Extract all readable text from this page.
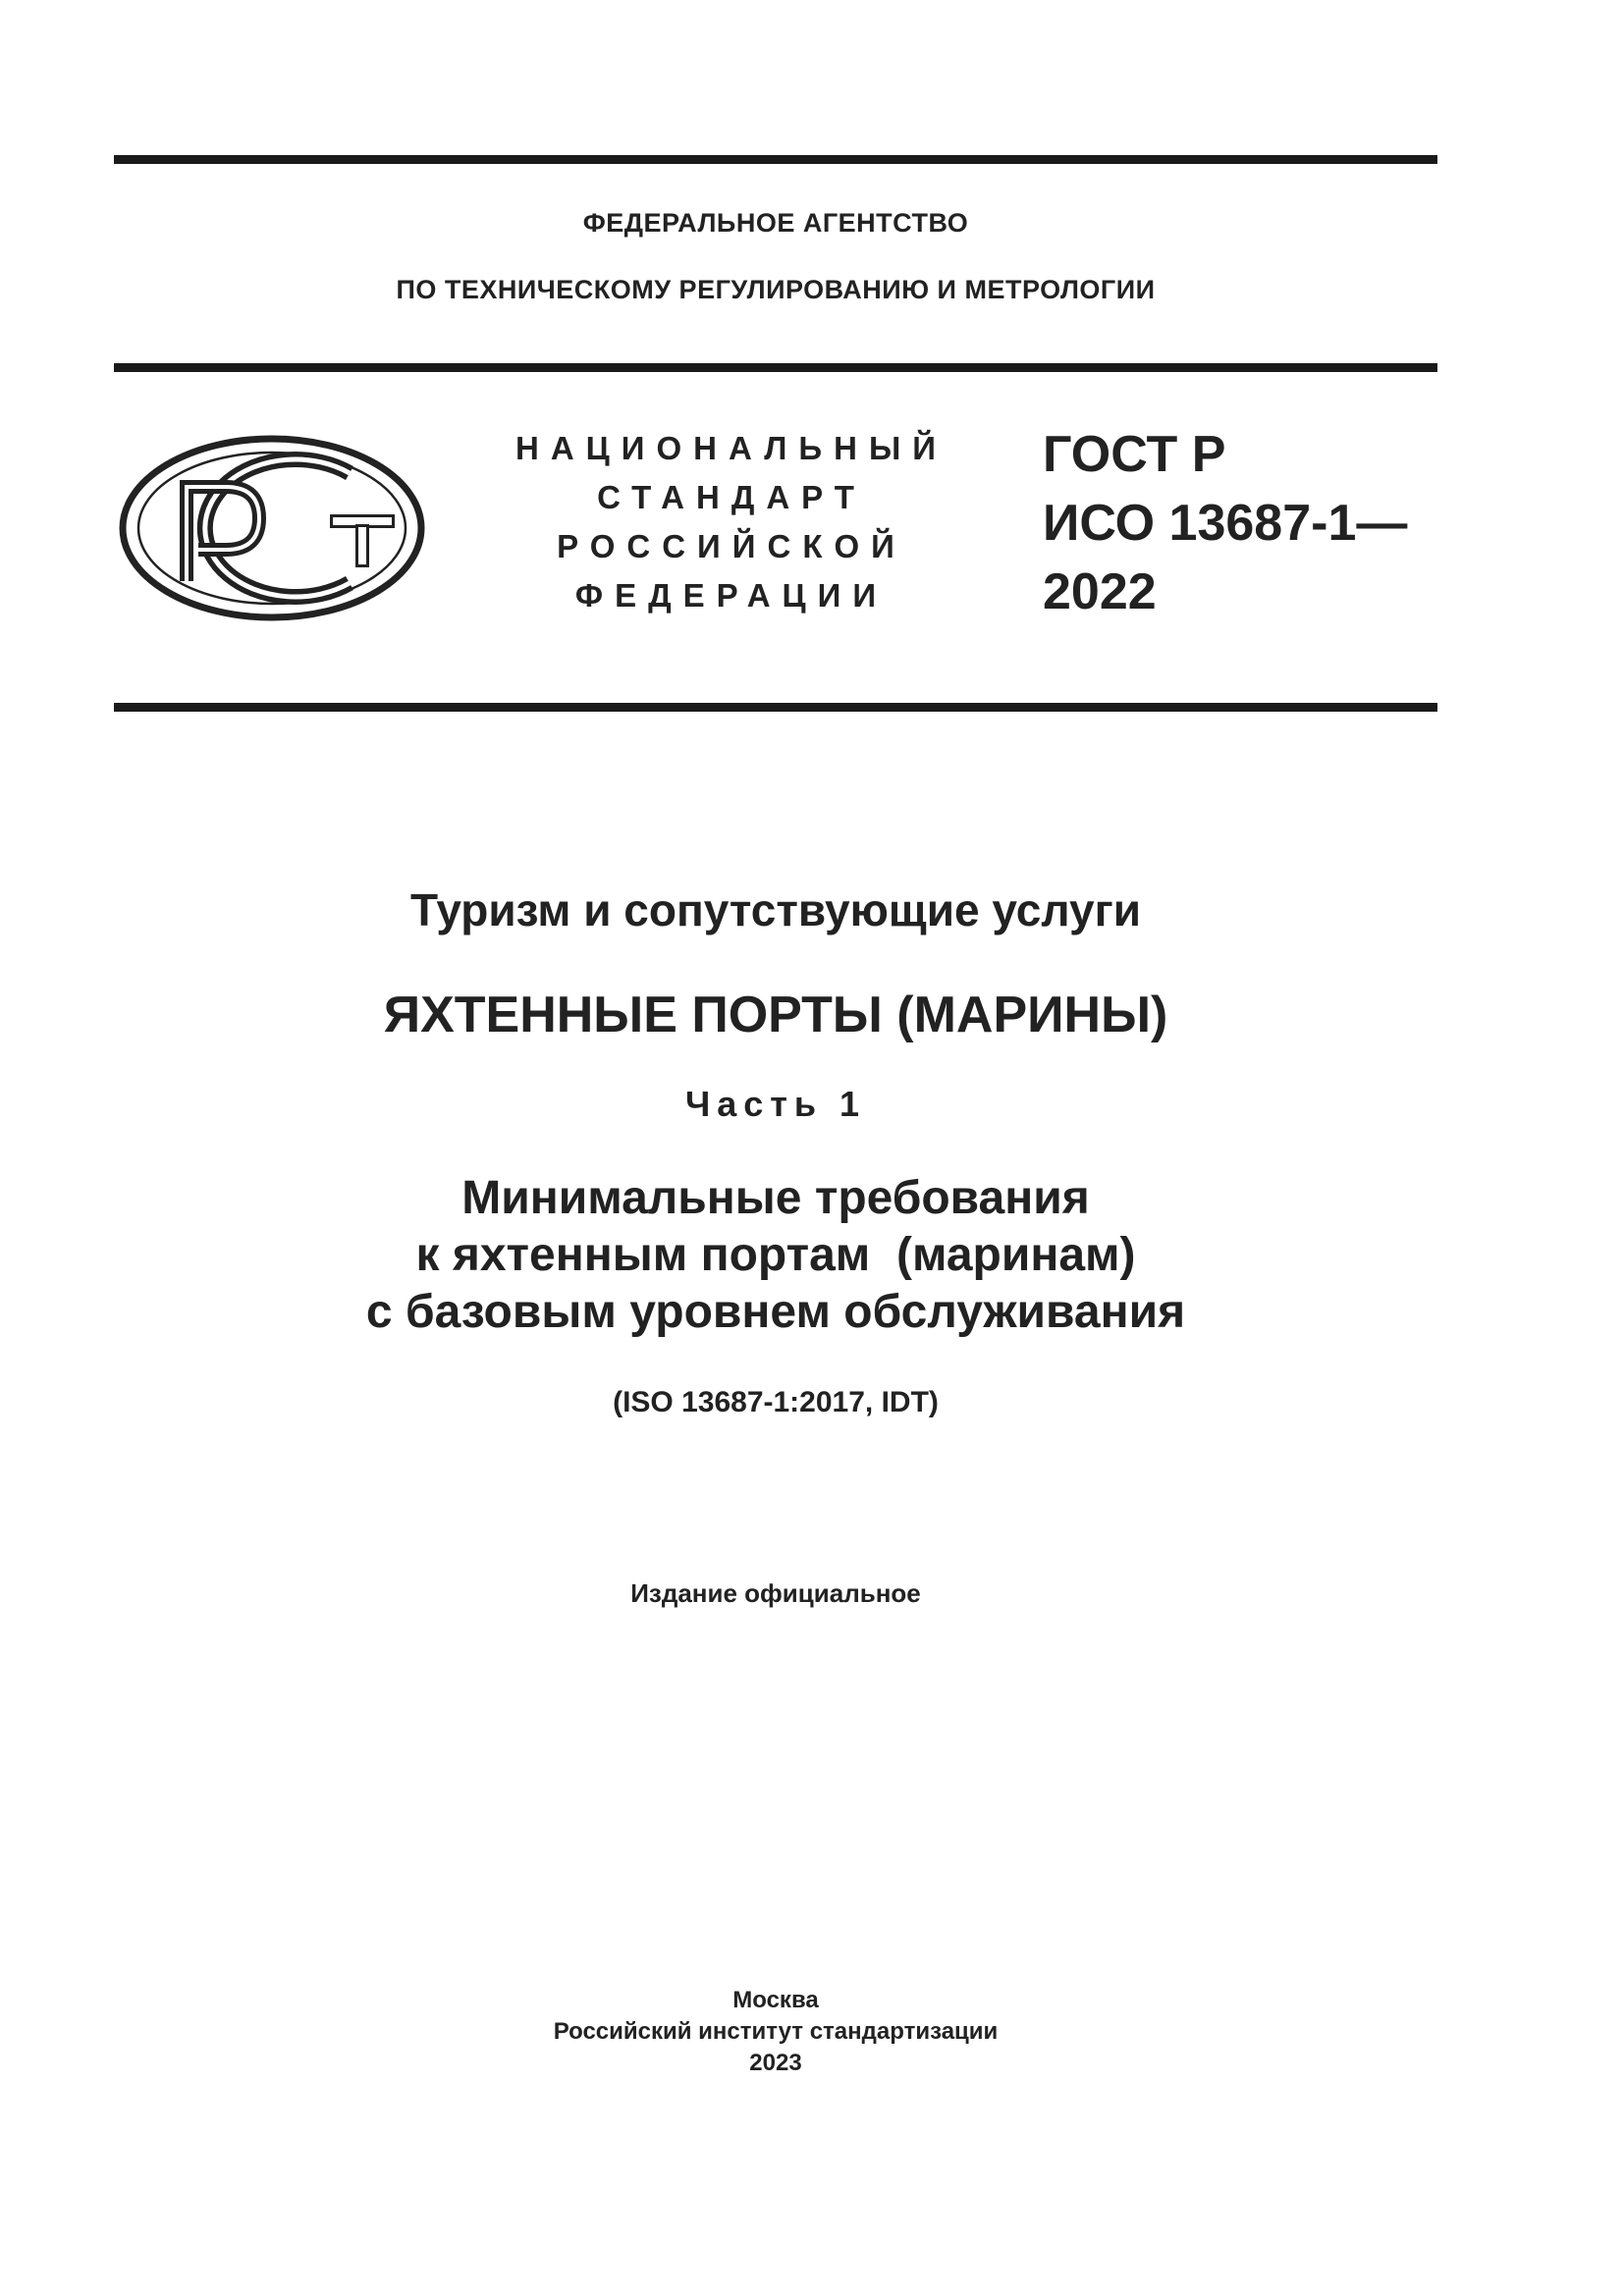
ФЕДЕРАЛЬНОЕ АГЕНТСТВО
ПО ТЕХНИЧЕСКОМУ РЕГУЛИРОВАНИЮ И МЕТРОЛОГИИ
НАЦИОНАЛЬНЫЙ
СТАНДАРТ
РОССИЙСКОЙ
ФЕДЕРАЦИИ
ГОСТ Р
ИСО 13687-1—
2022
Туризм и сопутствующие услуги
ЯХТЕННЫЕ ПОРТЫ (МАРИНЫ)
Часть 1
Минимальные требования
к яхтенным портам  (маринам)
с базовым уровнем обслуживания
(ISO 13687-1:2017, IDT)
Издание официальное
Москва
Российский институт стандартизации
2023
